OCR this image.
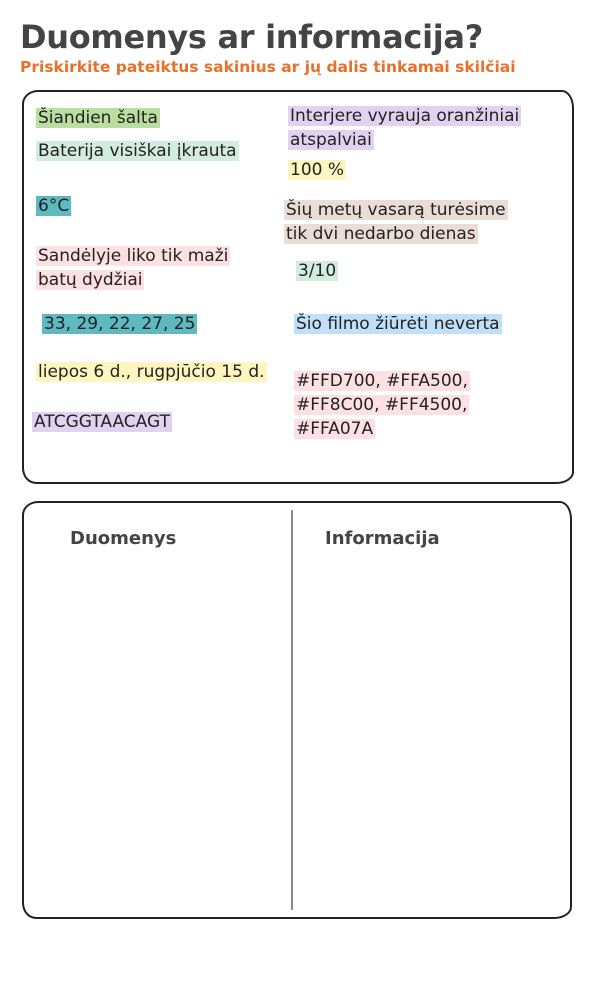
Duomenys ar informacija?
Priskirkite pateiktus sakinius ar jų dalis tinkamai skilčiai
Šiandien šalta
Baterija visiškai įkrauta
6°C
Sandėlyje liko tik maži
batų dydžiai
33, 29, 22, 27, 25
liepos 6 d., rugpjūčio 15 d.
ATCGGTAACAGT
Interjere vyrauja oranžiniai
atspalviai
100 %
Šių metų vasarą turėsime
tik dvi nedarbo dienas
3/10
Šio filmo žiūrėti neverta
#FFD700, #FFA500,
#FF8C00, #FF4500,
#FFA07A
Duomenys	Informacija
